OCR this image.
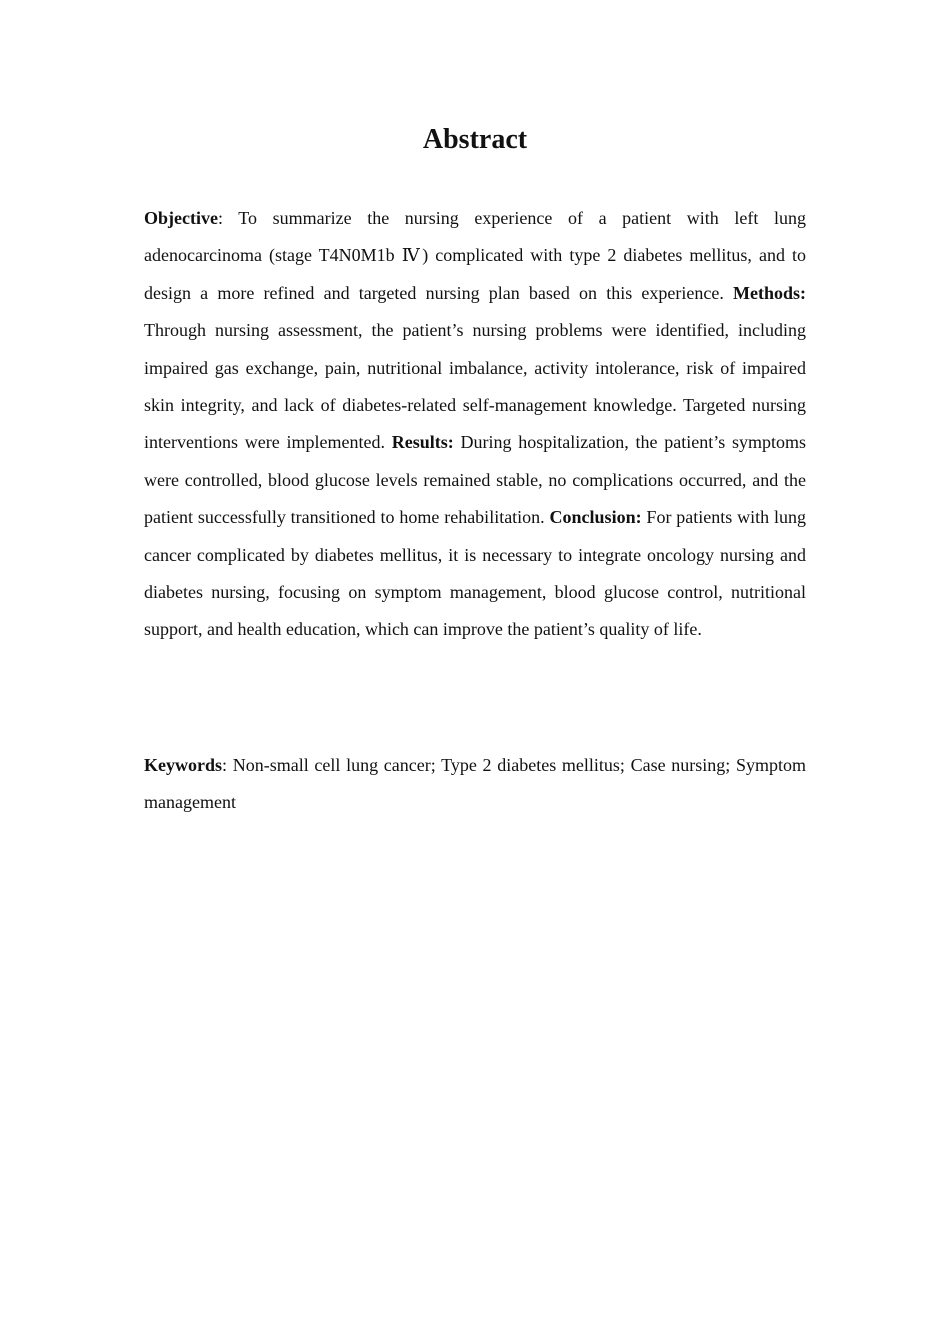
Abstract

Objective: To summarize the nursing experience of a patient with left lung adenocarcinoma (stage T4N0M1b Ⅳ) complicated with type 2 diabetes mellitus, and to design a more refined and targeted nursing plan based on this experience. Methods: Through nursing assessment, the patient’s nursing problems were identified, including impaired gas exchange, pain, nutritional imbalance, activity intolerance, risk of impaired skin integrity, and lack of diabetes-related self-management knowledge. Targeted nursing interventions were implemented. Results: During hospitalization, the patient’s symptoms were controlled, blood glucose levels remained stable, no complications occurred, and the patient successfully transitioned to home rehabilitation. Conclusion: For patients with lung cancer complicated by diabetes mellitus, it is necessary to integrate oncology nursing and diabetes nursing, focusing on symptom management, blood glucose control, nutritional support, and health education, which can improve the patient’s quality of life.

Keywords: Non-small cell lung cancer; Type 2 diabetes mellitus; Case nursing; Symptom management
